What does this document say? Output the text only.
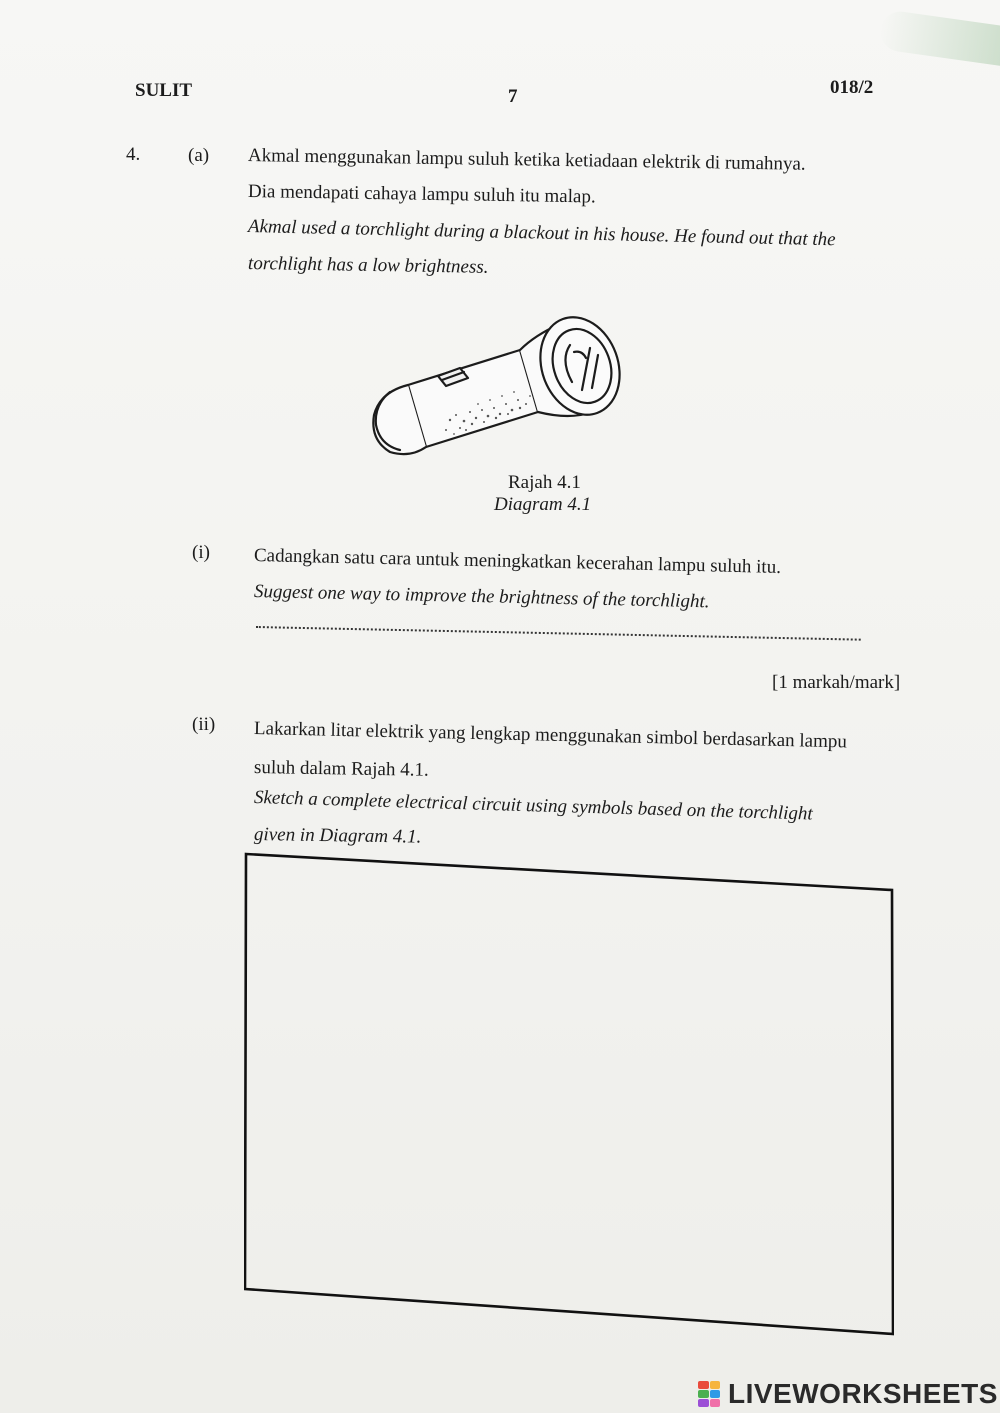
SULIT	7	018/2
4.	(a) Akmal menggunakan lampu suluh ketika ketiadaan elektrik di rumahnya.
Dia mendapati cahaya lampu suluh itu malap.
Akmal used a torchlight during a blackout in his house. He found out that the
torchlight has a low brightness.
Rajah 4.1
Diagram 4.1
(i) Cadangkan satu cara untuk meningkatkan kecerahan lampu suluh itu.
Suggest one way to improve the brightness of the torchlight.
[1 markah/mark]
(ii) Lakarkan litar elektrik yang lengkap menggunakan simbol berdasarkan lampu
suluh dalam Rajah 4.1.
Sketch a complete electrical circuit using symbols based on the torchlight
given in Diagram 4.1.
LIVEWORKSHEETS
